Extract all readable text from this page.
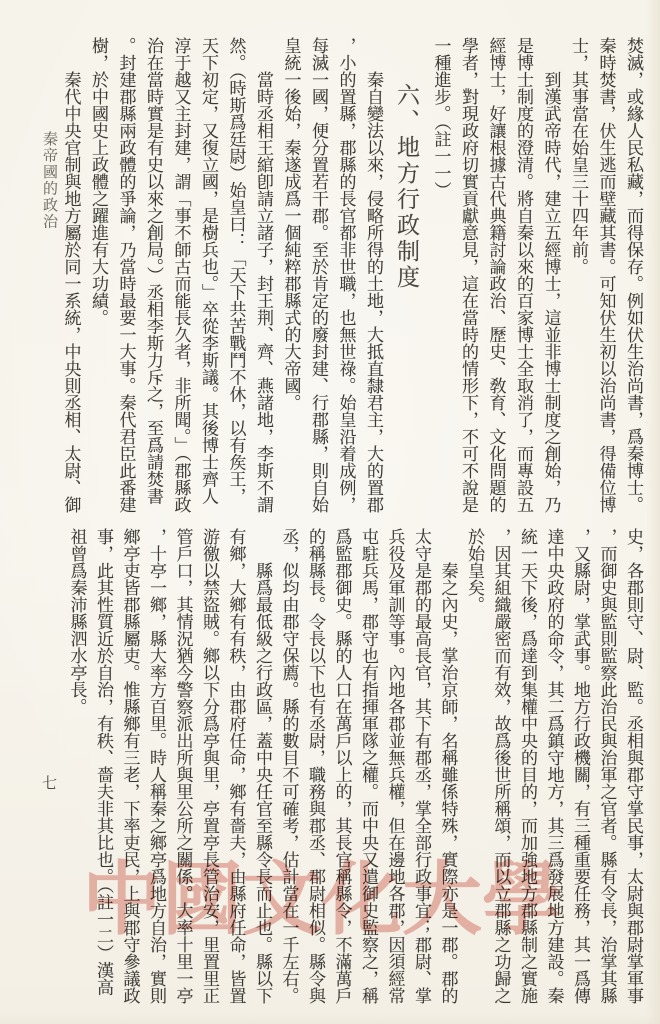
焚滅，或緣人民私藏，而得保存。例如伏生治尚書，爲秦博士。秦時焚書，伏生逃而壁藏其書。可知伏生初以治尚書，得備位博士，其事當在始皇三十四年前。

到漢武帝時代，建立五經博士，這並非博士制度之創始，乃是博士制度的澄清。將自秦以來的百家博士全取消了，而專設五經博士，好讓根據古代典籍討論政治、歷史、敎育、文化問題的學者，對現政府切實貢獻意見，這在當時的情形下，不可不說是一種進步。（註一一）

六、地方行政制度

秦自變法以來，侵略所得的土地，大抵直隸君主，大的置郡，小的置縣，郡縣的長官都非世職，也無世祿。始皇沿着成例，每滅一國，便分置若干郡。至於肯定的廢封建、行郡縣，則自始皇統一後始，秦遂成爲一個純粹郡縣式的大帝國。

當時丞相王綰卽請立諸子，封王荆、齊、燕諸地，李斯不謂然。（時斯爲廷尉）始皇曰：「天下共苦戰鬥不休，以有矦王，天下初定，又復立國，是樹兵也。」卒從李斯議。其後博士齊人淳于越又主封建，謂「事不師古而能長久者，非所聞。」（郡縣政治在當時實是有史以來之創局。）丞相李斯力斥之，至爲請焚書。封建郡縣兩政體的爭論，乃當時最要一大事。秦代君臣此番建樹，於中國史上政體之躍進有大功績。

秦代中央官制與地方屬於同一系統，中央則丞相、太尉、御

史，各郡則守、尉、監。丞相與郡守掌民事，太尉與郡尉掌軍事，而御史與監則監察此治民與治軍之官者。縣有令長，治掌其縣，又縣尉，掌武事。地方行政機關，有三種重要任務，其一爲傳達中央政府的命令，其二爲鎮守地方，其三爲發展地方建設。秦統一天下後，爲達到集權中央的目的，而加強地方郡縣制之實施，因其組織嚴密而有效，故爲後世所稱頌，而以立郡縣之功歸之於始皇矣。

秦之內史，掌治京師，名稱雖係特殊，實際亦是一郡。郡的太守是郡的最高長官，其下有郡丞，掌全部行政事宜；郡尉、掌兵役及軍訓等事。內地各郡並無兵權，但在邊地各郡，因須經常屯駐兵馬，郡守也有指揮軍隊之權。而中央又遣御史監察之，稱爲監郡御史。縣的人口在萬戶以上的，其長官稱縣令，不滿萬戶的稱縣長。令長以下也有丞尉，職務與郡丞、郡尉相似。縣令與丞，似均由郡守保薦。縣的數目不可確考，估計當在一千左右。

縣爲最低級之行政區，蓋中央任官至縣令長而止也。縣以下有鄉，大鄉有有秩，由郡府任命，鄉有嗇夫，由縣府任命，皆置游徼以禁盜賊。鄉以下分爲亭與里，亭置亭長管治安，里置里正管戶口，其情況猶今警察派出所與里公所之關係。大率十里一亭，十亭一鄉，縣大率方百里。時人稱秦之鄉亭爲地方自治，實則鄉亭吏皆郡縣屬吏。惟縣鄉有三老，下率吏民，上與郡守參議政事，此其性質近於自治，有秩、嗇夫非其比也。（註一二）漢高祖曾爲秦沛縣泗水亭長。

秦帝國的政治
七
中國文化大學
